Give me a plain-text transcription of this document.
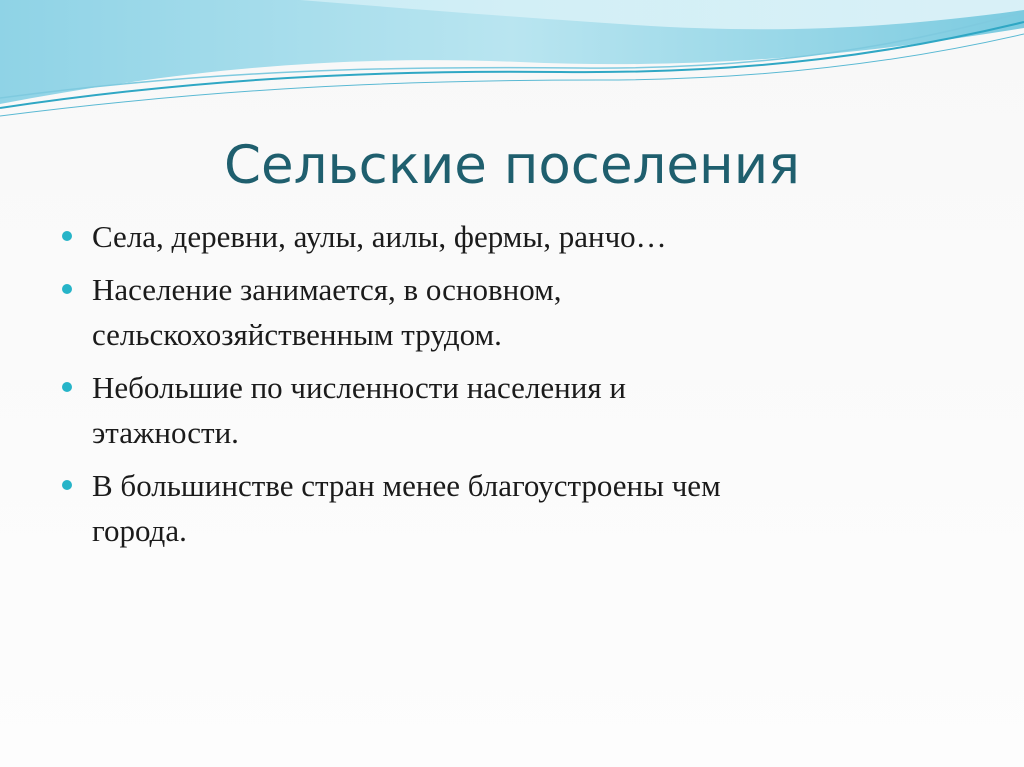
Сельские поселения
Села, деревни, аулы, аилы, фермы, ранчо…
Население занимается, в основном,
сельскохозяйственным трудом.
Небольшие по численности населения и
этажности.
В большинстве стран менее благоустроены чем
города.
